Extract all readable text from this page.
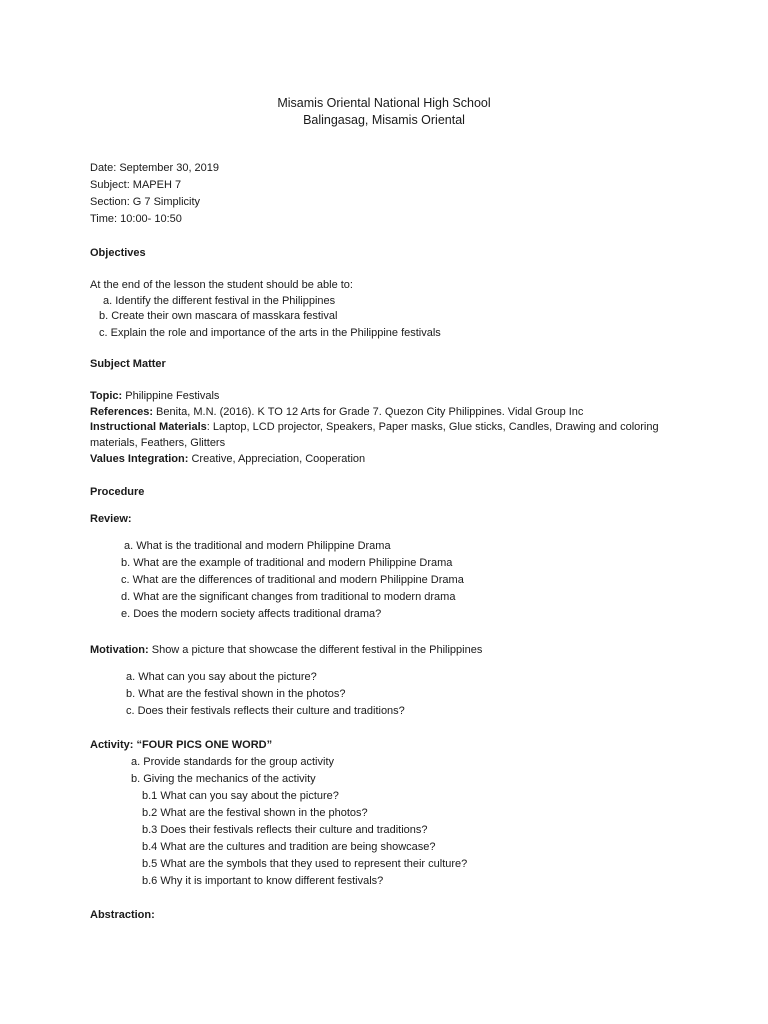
Misamis Oriental National High School
Balingasag, Misamis Oriental
Date: September 30, 2019
Subject: MAPEH 7
Section: G 7 Simplicity
Time: 10:00- 10:50
Objectives
At the end of the lesson the student should be able to:
a. Identify the different festival in the Philippines
b. Create their own mascara of masskara festival
c. Explain the role and importance of the arts in the Philippine festivals
Subject Matter
Topic: Philippine Festivals
References: Benita, M.N. (2016). K TO 12 Arts for Grade 7. Quezon City Philippines. Vidal Group Inc
Instructional Materials: Laptop, LCD projector, Speakers, Paper masks, Glue sticks, Candles, Drawing and coloring
materials, Feathers, Glitters
Values Integration: Creative, Appreciation, Cooperation
Procedure
Review:
a. What is the traditional and modern Philippine Drama
b. What are the example of traditional and modern Philippine Drama
c. What are the differences of traditional and modern Philippine Drama
d. What are the significant changes from traditional to modern drama
e. Does the modern society affects traditional drama?
Motivation: Show a picture that showcase the different festival in the Philippines
a. What can you say about the picture?
b. What are the festival shown in the photos?
c. Does their festivals reflects their culture and traditions?
Activity: “FOUR PICS ONE WORD”
a. Provide standards for the group activity
b. Giving the mechanics of the activity
b.1 What can you say about the picture?
b.2 What are the festival shown in the photos?
b.3 Does their festivals reflects their culture and traditions?
b.4 What are the cultures and tradition are being showcase?
b.5 What are the symbols that they used to represent their culture?
b.6 Why it is important to know different festivals?
Abstraction:
